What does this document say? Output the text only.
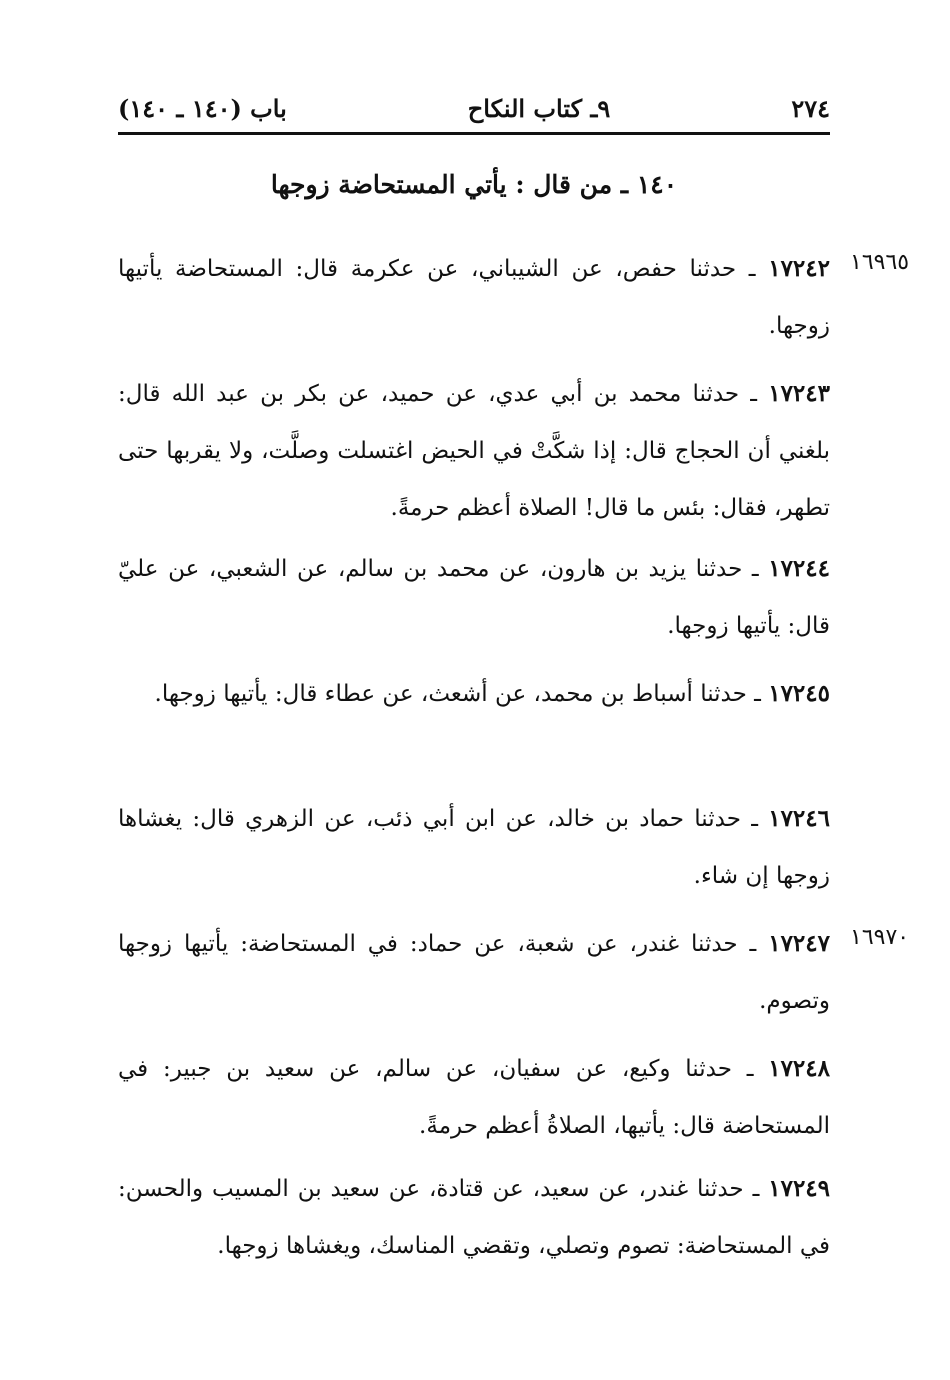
٢٧٤
٩ـ كتاب النكاح
باب (١٤٠ ـ ١٤٠)
١٤٠ ـ من قال : يأتي المستحاضة زوجها
١٦٩٦٥
١٦٩٧٠
١٧٢٤٢ ـ حدثنا حفص، عن الشيباني، عن عكرمة قال: المستحاضة يأتيها زوجها.
١٧٢٤٣ ـ حدثنا محمد بن أبي عدي، عن حميد، عن بكر بن عبد الله قال: بلغني أن الحجاج قال: إذا شكَّتْ في الحيض اغتسلت وصلَّت، ولا يقربها حتى تطهر، فقال: بئس ما قال! الصلاة أعظم حرمةً.
١٧٢٤٤ ـ حدثنا يزيد بن هارون، عن محمد بن سالم، عن الشعبي، عن عليّ قال: يأتيها زوجها.
١٧٢٤٥ ـ حدثنا أسباط بن محمد، عن أشعث، عن عطاء قال: يأتيها زوجها.
١٧٢٤٦ ـ حدثنا حماد بن خالد، عن ابن أبي ذئب، عن الزهري قال: يغشاها زوجها إن شاء.
١٧٢٤٧ ـ حدثنا غندر، عن شعبة، عن حماد: في المستحاضة: يأتيها زوجها وتصوم.
١٧٢٤٨ ـ حدثنا وكيع، عن سفيان، عن سالم، عن سعيد بن جبير: في المستحاضة قال: يأتيها، الصلاةُ أعظم حرمةً.
١٧٢٤٩ ـ حدثنا غندر، عن سعيد، عن قتادة، عن سعيد بن المسيب والحسن: في المستحاضة: تصوم وتصلي، وتقضي المناسك، ويغشاها زوجها.
